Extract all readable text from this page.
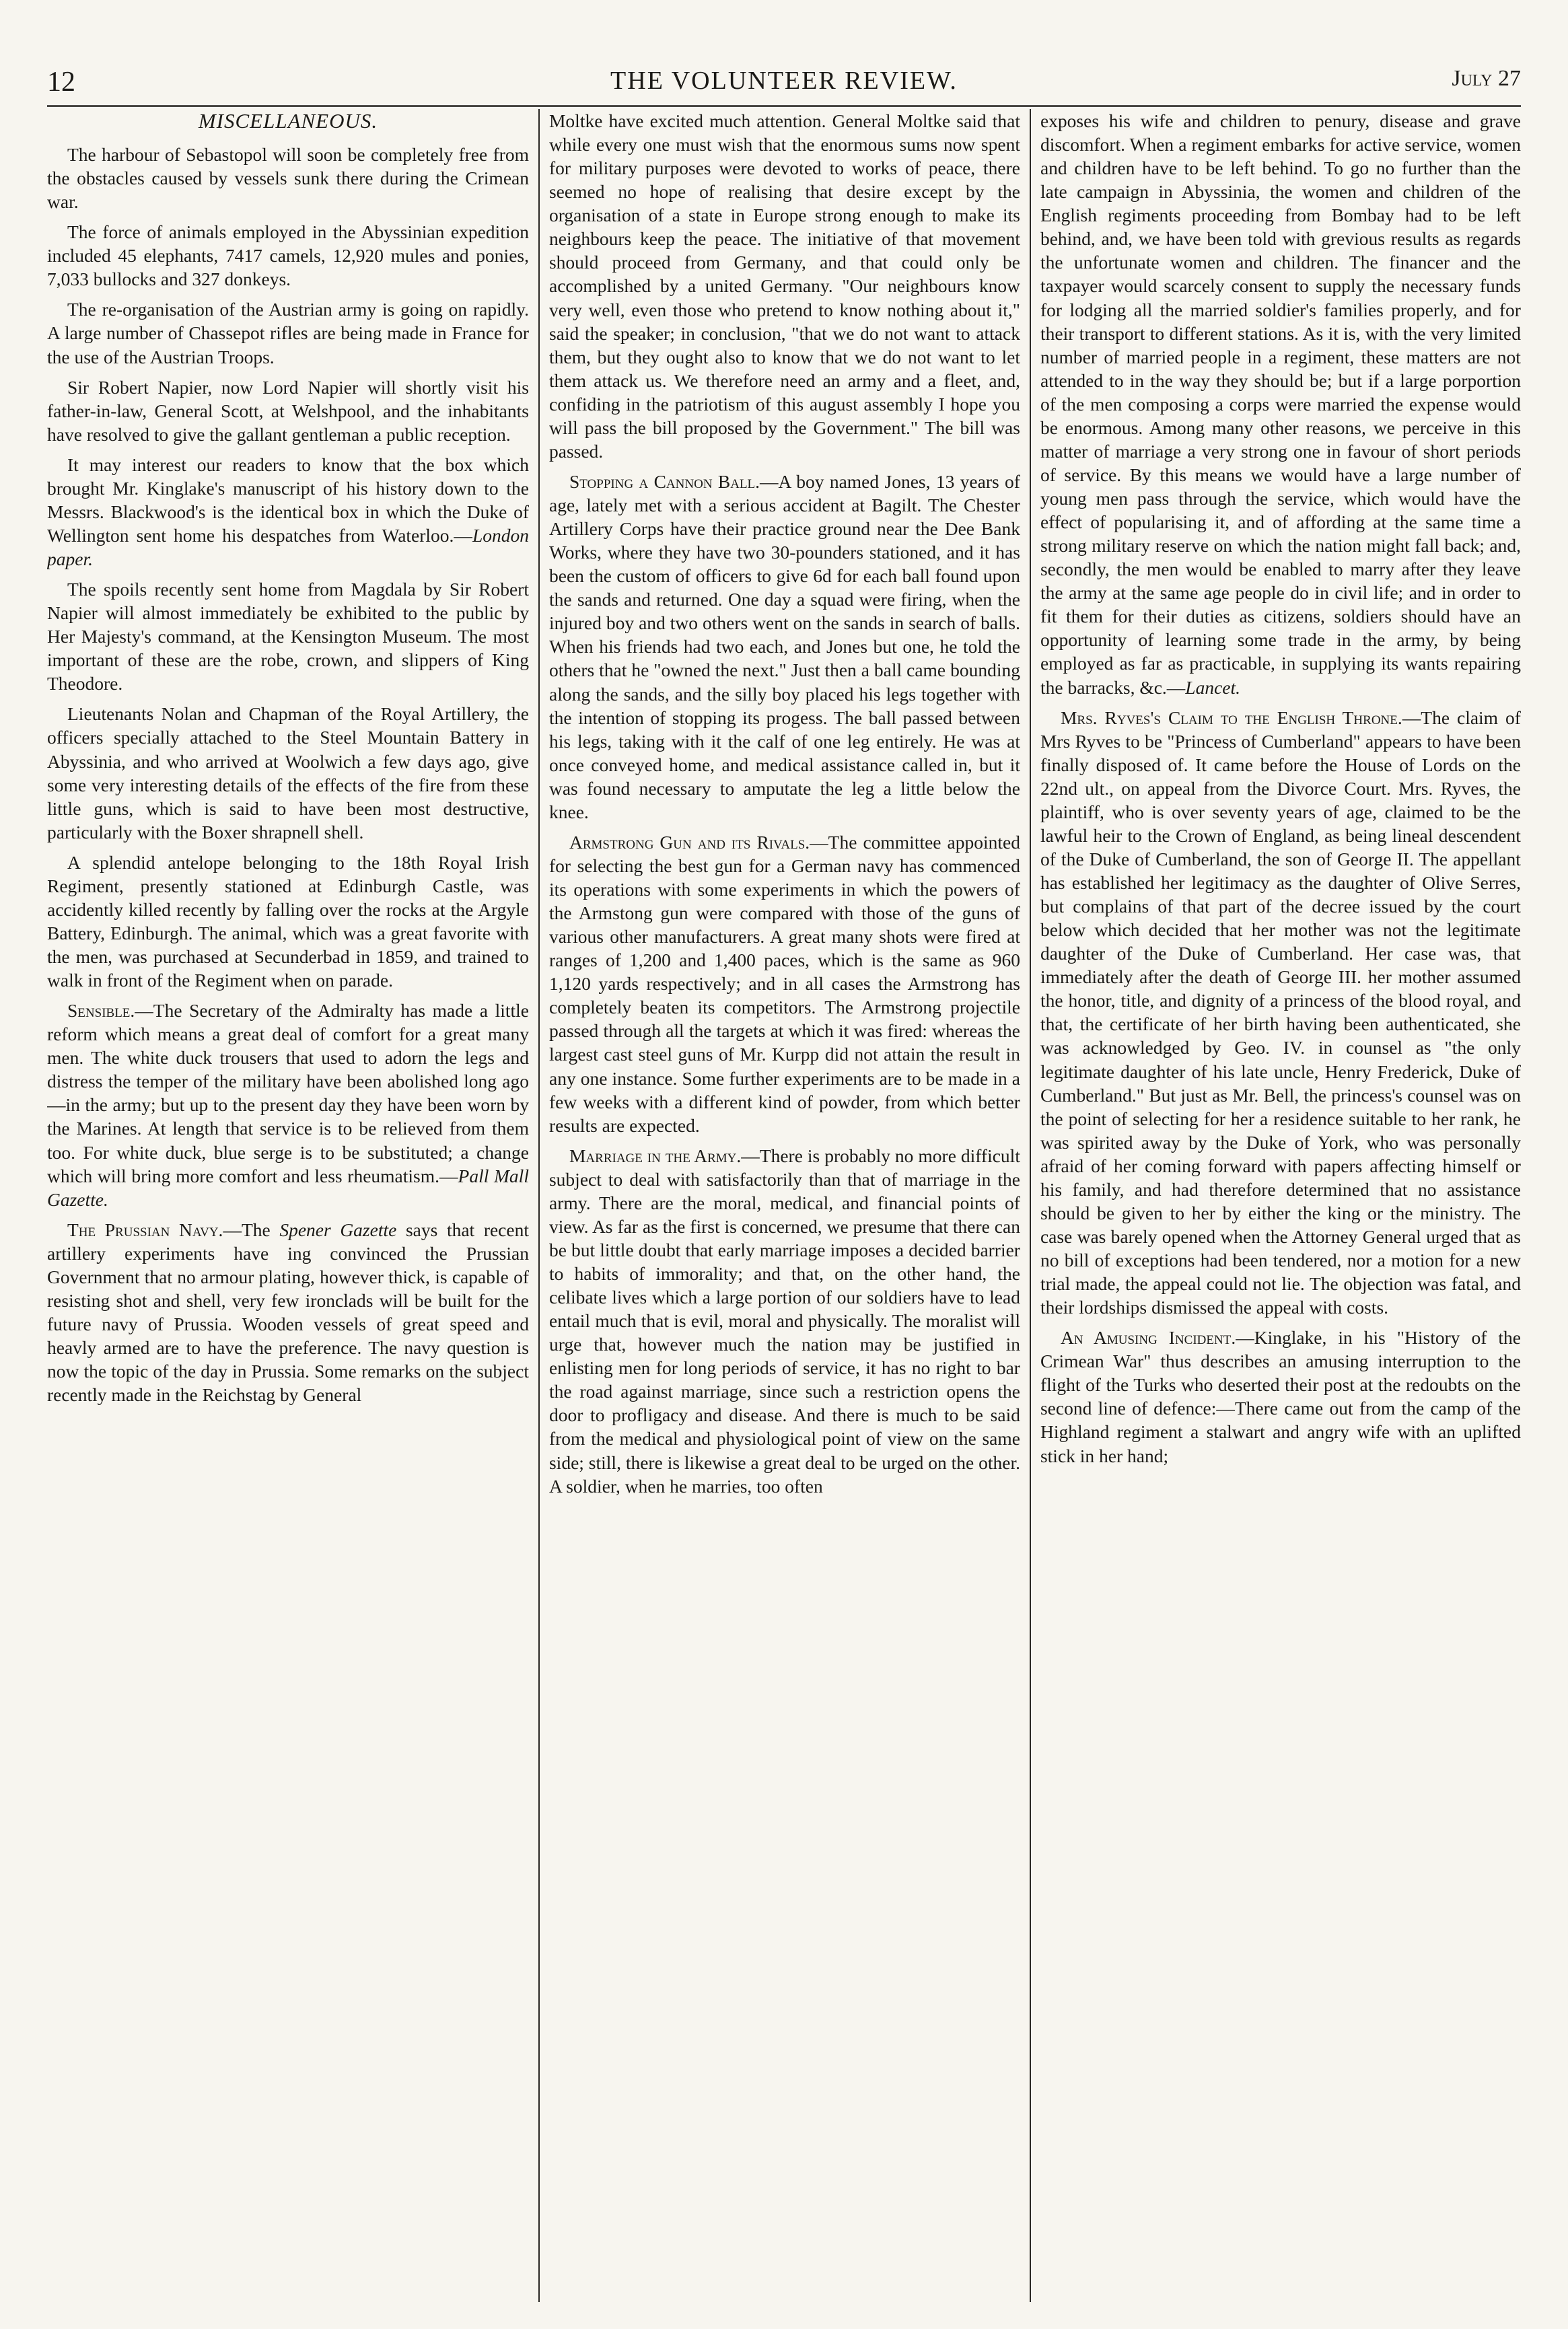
12	THE VOLUNTEER REVIEW.	July 27
MISCELLANEOUS.

The harbour of Sebastopol will soon be completely free from the obstacles caused by vessels sunk there during the Crimean war.

The force of animals employed in the Abyssinian expedition included 45 elephants, 7417 camels, 12,920 mules and ponies, 7,033 bullocks and 327 donkeys.

The re-organisation of the Austrian army is going on rapidly. A large number of Chassepot rifles are being made in France for the use of the Austrian Troops.

Sir Robert Napier, now Lord Napier will shortly visit his father-in-law, General Scott, at Welshpool, and the inhabitants have resolved to give the gallant gentleman a public reception.

It may interest our readers to know that the box which brought Mr. Kinglake's manuscript of his history down to the Messrs. Blackwood's is the identical box in which the Duke of Wellington sent home his despatches from Waterloo.—London paper.

The spoils recently sent home from Magdala by Sir Robert Napier will almost immediately be exhibited to the public by Her Majesty's command, at the Kensington Museum. The most important of these are the robe, crown, and slippers of King Theodore.

Lieutenants Nolan and Chapman of the Royal Artillery, the officers specially attached to the Steel Mountain Battery in Abyssinia, and who arrived at Woolwich a few days ago, give some very interesting details of the effects of the fire from these little guns, which is said to have been most destructive, particularly with the Boxer shrapnell shell.

A splendid antelope belonging to the 18th Royal Irish Regiment, presently stationed at Edinburgh Castle, was accidently killed recently by falling over the rocks at the Argyle Battery, Edinburgh. The animal, which was a great favorite with the men, was purchased at Secunderbad in 1859, and trained to walk in front of the Regiment when on parade.

Sensible.—The Secretary of the Admiralty has made a little reform which means a great deal of comfort for a great many men. The white duck trousers that used to adorn the legs and distress the temper of the military have been abolished long ago—in the army; but up to the present day they have been worn by the Marines. At length that service is to be relieved from them too. For white duck, blue serge is to be substituted; a change which will bring more comfort and less rheumatism.—Pall Mall Gazette.

The Prussian Navy.—The Spener Gazette says that recent artillery experiments have ing convinced the Prussian Government that no armour plating, however thick, is capable of resisting shot and shell, very few ironclads will be built for the future navy of Prussia. Wooden vessels of great speed and heavly armed are to have the preference. The navy question is now the topic of the day in Prussia. Some remarks on the subject recently made in the Reichstag by General

Moltke have excited much attention. General Moltke said that while every one must wish that the enormous sums now spent for military purposes were devoted to works of peace, there seemed no hope of realising that desire except by the organisation of a state in Europe strong enough to make its neighbours keep the peace. The initiative of that movement should proceed from Germany, and that could only be accomplished by a united Germany. "Our neighbours know very well, even those who pretend to know nothing about it," said the speaker; in conclusion, "that we do not want to attack them, but they ought also to know that we do not want to let them attack us. We therefore need an army and a fleet, and, confiding in the patriotism of this august assembly I hope you will pass the bill proposed by the Government." The bill was passed.

Stopping a Cannon Ball.—A boy named Jones, 13 years of age, lately met with a serious accident at Bagilt. The Chester Artillery Corps have their practice ground near the Dee Bank Works, where they have two 30-pounders stationed, and it has been the custom of officers to give 6d for each ball found upon the sands and returned. One day a squad were firing, when the injured boy and two others went on the sands in search of balls. When his friends had two each, and Jones but one, he told the others that he "owned the next." Just then a ball came bounding along the sands, and the silly boy placed his legs together with the intention of stopping its progess. The ball passed between his legs, taking with it the calf of one leg entirely. He was at once conveyed home, and medical assistance called in, but it was found necessary to amputate the leg a little below the knee.

Armstrong Gun and its Rivals.—The committee appointed for selecting the best gun for a German navy has commenced its operations with some experiments in which the powers of the Armstong gun were compared with those of the guns of various other manufacturers. A great many shots were fired at ranges of 1,200 and 1,400 paces, which is the same as 960 1,120 yards respectively; and in all cases the Armstrong has completely beaten its competitors. The Armstrong projectile passed through all the targets at which it was fired: whereas the largest cast steel guns of Mr. Kurpp did not attain the result in any one instance. Some further experiments are to be made in a few weeks with a different kind of powder, from which better results are expected.

Marriage in the Army.—There is probably no more difficult subject to deal with satisfactorily than that of marriage in the army. There are the moral, medical, and financial points of view. As far as the first is concerned, we presume that there can be but little doubt that early marriage imposes a decided barrier to habits of immorality; and that, on the other hand, the celibate lives which a large portion of our soldiers have to lead entail much that is evil, moral and physically. The moralist will urge that, however much the nation may be justified in enlisting men for long periods of service, it has no right to bar the road against marriage, since such a restriction opens the door to profligacy and disease. And there is much to be said from the medical and physiological point of view on the same side; still, there is likewise a great deal to be urged on the other. A soldier, when he marries, too often

exposes his wife and children to penury, disease and grave discomfort. When a regiment embarks for active service, women and children have to be left behind. To go no further than the late campaign in Abyssinia, the women and children of the English regiments proceeding from Bombay had to be left behind, and, we have been told with grevious results as regards the unfortunate women and children. The financer and the taxpayer would scarcely consent to supply the necessary funds for lodging all the married soldier's families properly, and for their transport to different stations. As it is, with the very limited number of married people in a regiment, these matters are not attended to in the way they should be; but if a large porportion of the men composing a corps were married the expense would be enormous. Among many other reasons, we perceive in this matter of marriage a very strong one in favour of short periods of service. By this means we would have a large number of young men pass through the service, which would have the effect of popularising it, and of affording at the same time a strong military reserve on which the nation might fall back; and, secondly, the men would be enabled to marry after they leave the army at the same age people do in civil life; and in order to fit them for their duties as citizens, soldiers should have an opportunity of learning some trade in the army, by being employed as far as practicable, in supplying its wants repairing the barracks, &c.—Lancet.

Mrs. Ryves's Claim to the English Throne.—The claim of Mrs Ryves to be "Princess of Cumberland" appears to have been finally disposed of. It came before the House of Lords on the 22nd ult., on appeal from the Divorce Court. Mrs. Ryves, the plaintiff, who is over seventy years of age, claimed to be the lawful heir to the Crown of England, as being lineal descendent of the Duke of Cumberland, the son of George II. The appellant has established her legitimacy as the daughter of Olive Serres, but complains of that part of the decree issued by the court below which decided that her mother was not the legitimate daughter of the Duke of Cumberland. Her case was, that immediately after the death of George III. her mother assumed the honor, title, and dignity of a princess of the blood royal, and that, the certificate of her birth having been authenticated, she was acknowledged by Geo. IV. in counsel as "the only legitimate daughter of his late uncle, Henry Frederick, Duke of Cumberland." But just as Mr. Bell, the princess's counsel was on the point of selecting for her a residence suitable to her rank, he was spirited away by the Duke of York, who was personally afraid of her coming forward with papers affecting himself or his family, and had therefore determined that no assistance should be given to her by either the king or the ministry. The case was barely opened when the Attorney General urged that as no bill of exceptions had been tendered, nor a motion for a new trial made, the appeal could not lie. The objection was fatal, and their lordships dismissed the appeal with costs.

An Amusing Incident.—Kinglake, in his "History of the Crimean War" thus describes an amusing interruption to the flight of the Turks who deserted their post at the redoubts on the second line of defence:—There came out from the camp of the Highland regiment a stalwart and angry wife with an uplifted stick in her hand;
